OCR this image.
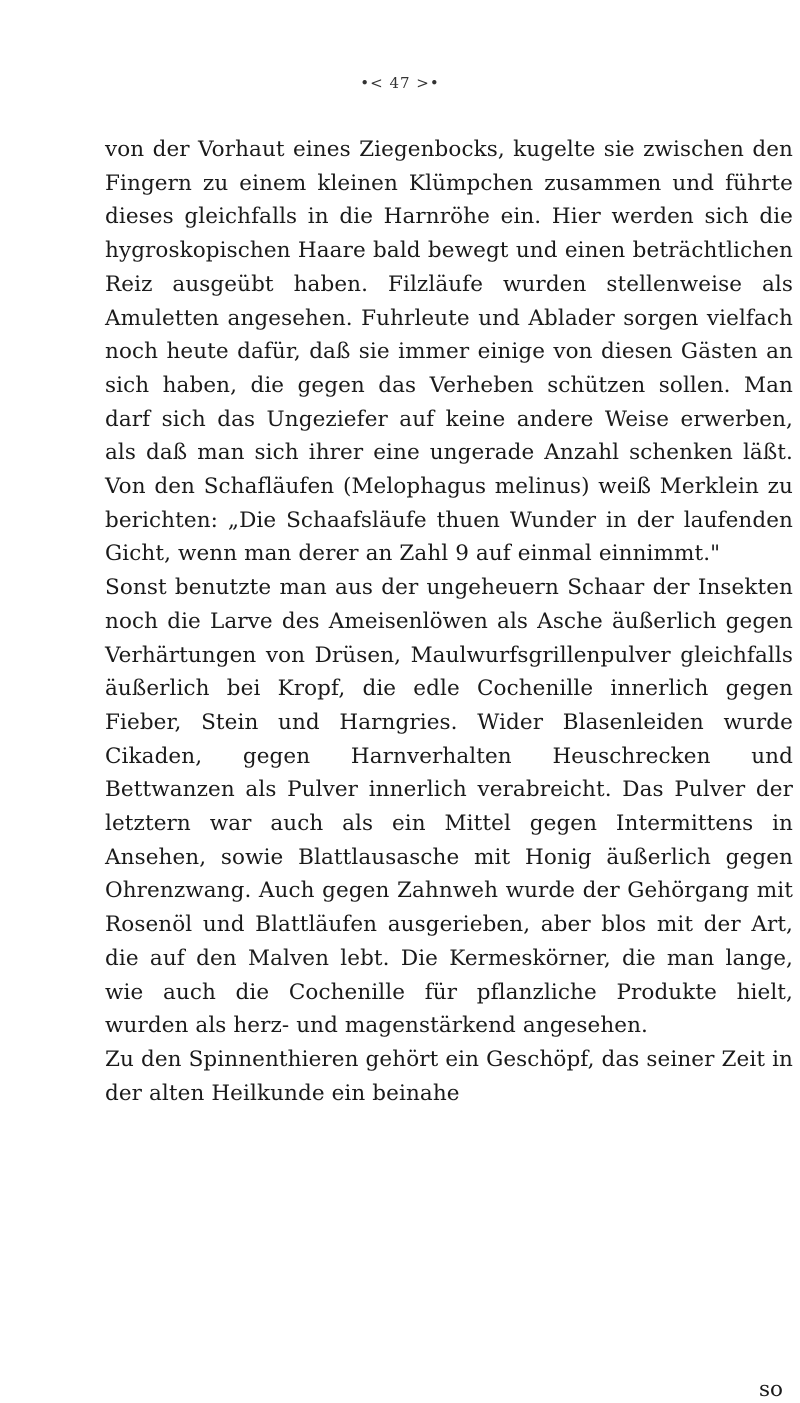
•< 47 >•

von der Vorhaut eines Ziegenbocks, kugelte sie zwischen den Fingern zu einem kleinen Klümpchen zusammen und führte dieses gleichfalls in die Harnröhe ein. Hier werden sich die hygroskopischen Haare bald bewegt und einen beträchtlichen Reiz ausgeübt haben. Filzläufe wurden stellenweise als Amuletten angesehen. Fuhrleute und Ablader sorgen vielfach noch heute dafür, daß sie immer einige von diesen Gästen an sich haben, die gegen das Verheben schützen sollen. Man darf sich das Ungeziefer auf keine andere Weise erwerben, als daß man sich ihrer eine ungerade Anzahl schenken läßt. Von den Schafläufen (Melophagus melinus) weiß Merklein zu berichten: „Die Schaafsläufe thuen Wunder in der laufenden Gicht, wenn man derer an Zahl 9 auf einmal einnimmt."

Sonst benutzte man aus der ungeheuern Schaar der Insekten noch die Larve des Ameisenlöwen als Asche äußerlich gegen Verhärtungen von Drüsen, Maulwurfsgrillenpulver gleichfalls äußerlich bei Kropf, die edle Cochenille innerlich gegen Fieber, Stein und Harngries. Wider Blasenleiden wurde Cikaden, gegen Harnverhalten Heuschrecken und Bettwanzen als Pulver innerlich verabreicht. Das Pulver der letztern war auch als ein Mittel gegen Intermittens in Ansehen, sowie Blattlausasche mit Honig äußerlich gegen Ohrenzwang. Auch gegen Zahnweh wurde der Gehörgang mit Rosenöl und Blattläufen ausgerieben, aber blos mit der Art, die auf den Malven lebt. Die Kermeskörner, die man lange, wie auch die Cochenille für pflanzliche Produkte hielt, wurden als herz- und magenstärkend angesehen.

Zu den Spinnenthieren gehört ein Geschöpf, das seiner Zeit in der alten Heilkunde ein beinahe

so
